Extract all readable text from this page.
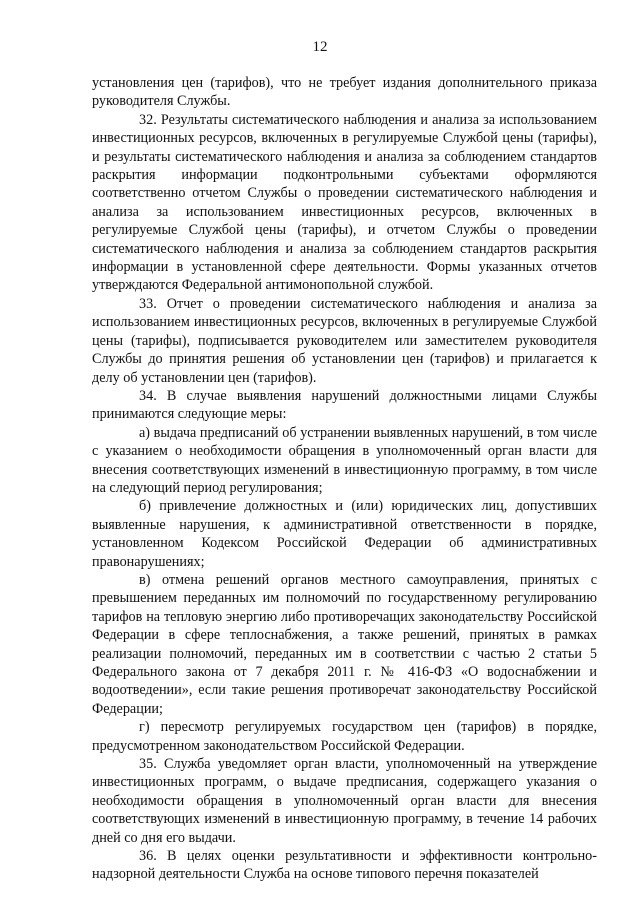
12

установления цен (тарифов), что не требует издания дополнительного приказа руководителя Службы.

32. Результаты систематического наблюдения и анализа за использованием инвестиционных ресурсов, включенных в регулируемые Службой цены (тарифы), и результаты систематического наблюдения и анализа за соблюдением стандартов раскрытия информации подконтрольными субъектами оформляются соответственно отчетом Службы о проведении систематического наблюдения и анализа за использованием инвестиционных ресурсов, включенных в регулируемые Службой цены (тарифы), и отчетом Службы о проведении систематического наблюдения и анализа за соблюдением стандартов раскрытия информации в установленной сфере деятельности. Формы указанных отчетов утверждаются Федеральной антимонопольной службой.

33. Отчет о проведении систематического наблюдения и анализа за использованием инвестиционных ресурсов, включенных в регулируемые Службой цены (тарифы), подписывается руководителем или заместителем руководителя Службы до принятия решения об установлении цен (тарифов) и прилагается к делу об установлении цен (тарифов).

34. В случае выявления нарушений должностными лицами Службы принимаются следующие меры:

а) выдача предписаний об устранении выявленных нарушений, в том числе с указанием о необходимости обращения в уполномоченный орган власти для внесения соответствующих изменений в инвестиционную программу, в том числе на следующий период регулирования;

б) привлечение должностных и (или) юридических лиц, допустивших выявленные нарушения, к административной ответственности в порядке, установленном Кодексом Российской Федерации об административных правонарушениях;

в) отмена решений органов местного самоуправления, принятых с превышением переданных им полномочий по государственному регулированию тарифов на тепловую энергию либо противоречащих законодательству Российской Федерации в сфере теплоснабжения, а также решений, принятых в рамках реализации полномочий, переданных им в соответствии с частью 2 статьи 5 Федерального закона от 7 декабря 2011 г. № 416-ФЗ «О водоснабжении и водоотведении», если такие решения противоречат законодательству Российской Федерации;

г) пересмотр регулируемых государством цен (тарифов) в порядке, предусмотренном законодательством Российской Федерации.

35. Служба уведомляет орган власти, уполномоченный на утверждение инвестиционных программ, о выдаче предписания, содержащего указания о необходимости обращения в уполномоченный орган власти для внесения соответствующих изменений в инвестиционную программу, в течение 14 рабочих дней со дня его выдачи.

36. В целях оценки результативности и эффективности контрольно-надзорной деятельности Служба на основе типового перечня показателей
